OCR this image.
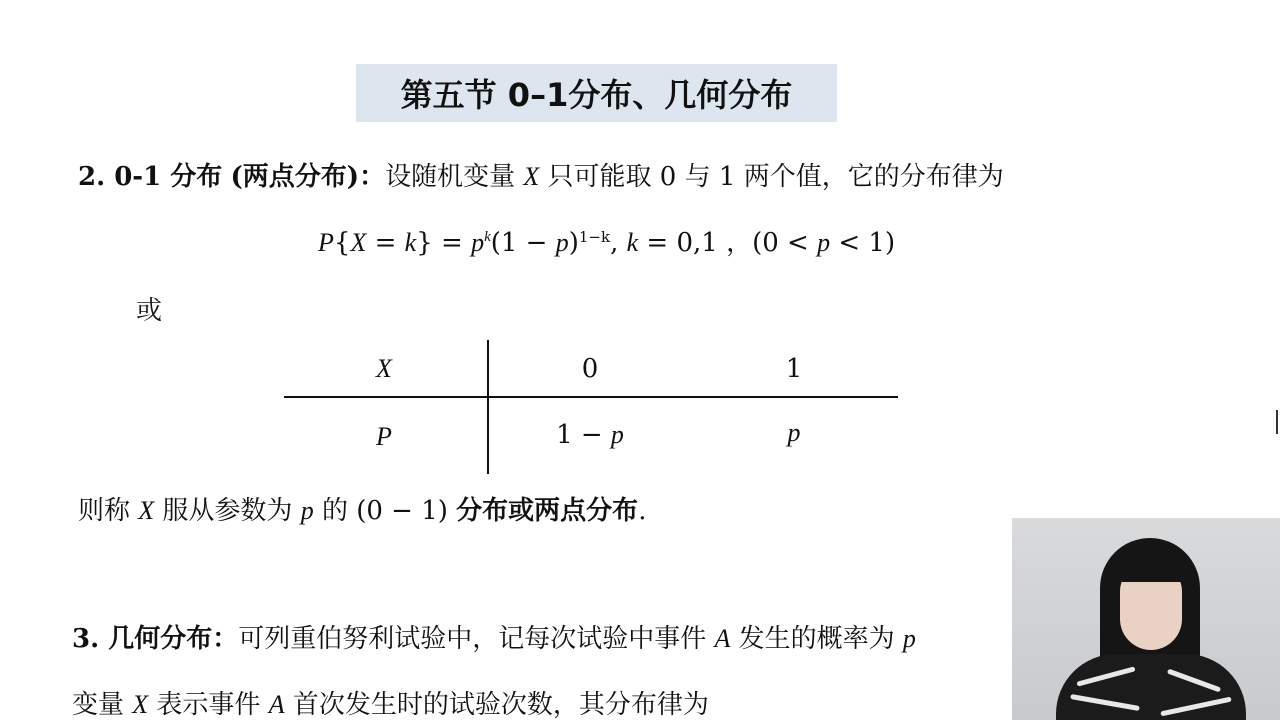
第五节 0–1分布、几何分布
2. 0-1 分布 (两点分布)：设随机变量 X 只可能取 0 与 1 两个值，它的分布律为
$P\{X = k\} = p^k(1 - p)^{1-k}$, k = 0,1 ，(0 < p < 1)
或
X	0	1
P	1 − p	p
则称 X 服从参数为 p 的 (0 − 1) 分布或两点分布.
3. 几何分布：可列重伯努利试验中，记每次试验中事件 A 发生的概率为 p
变量 X 表示事件 A 首次发生时的试验次数，其分布律为
